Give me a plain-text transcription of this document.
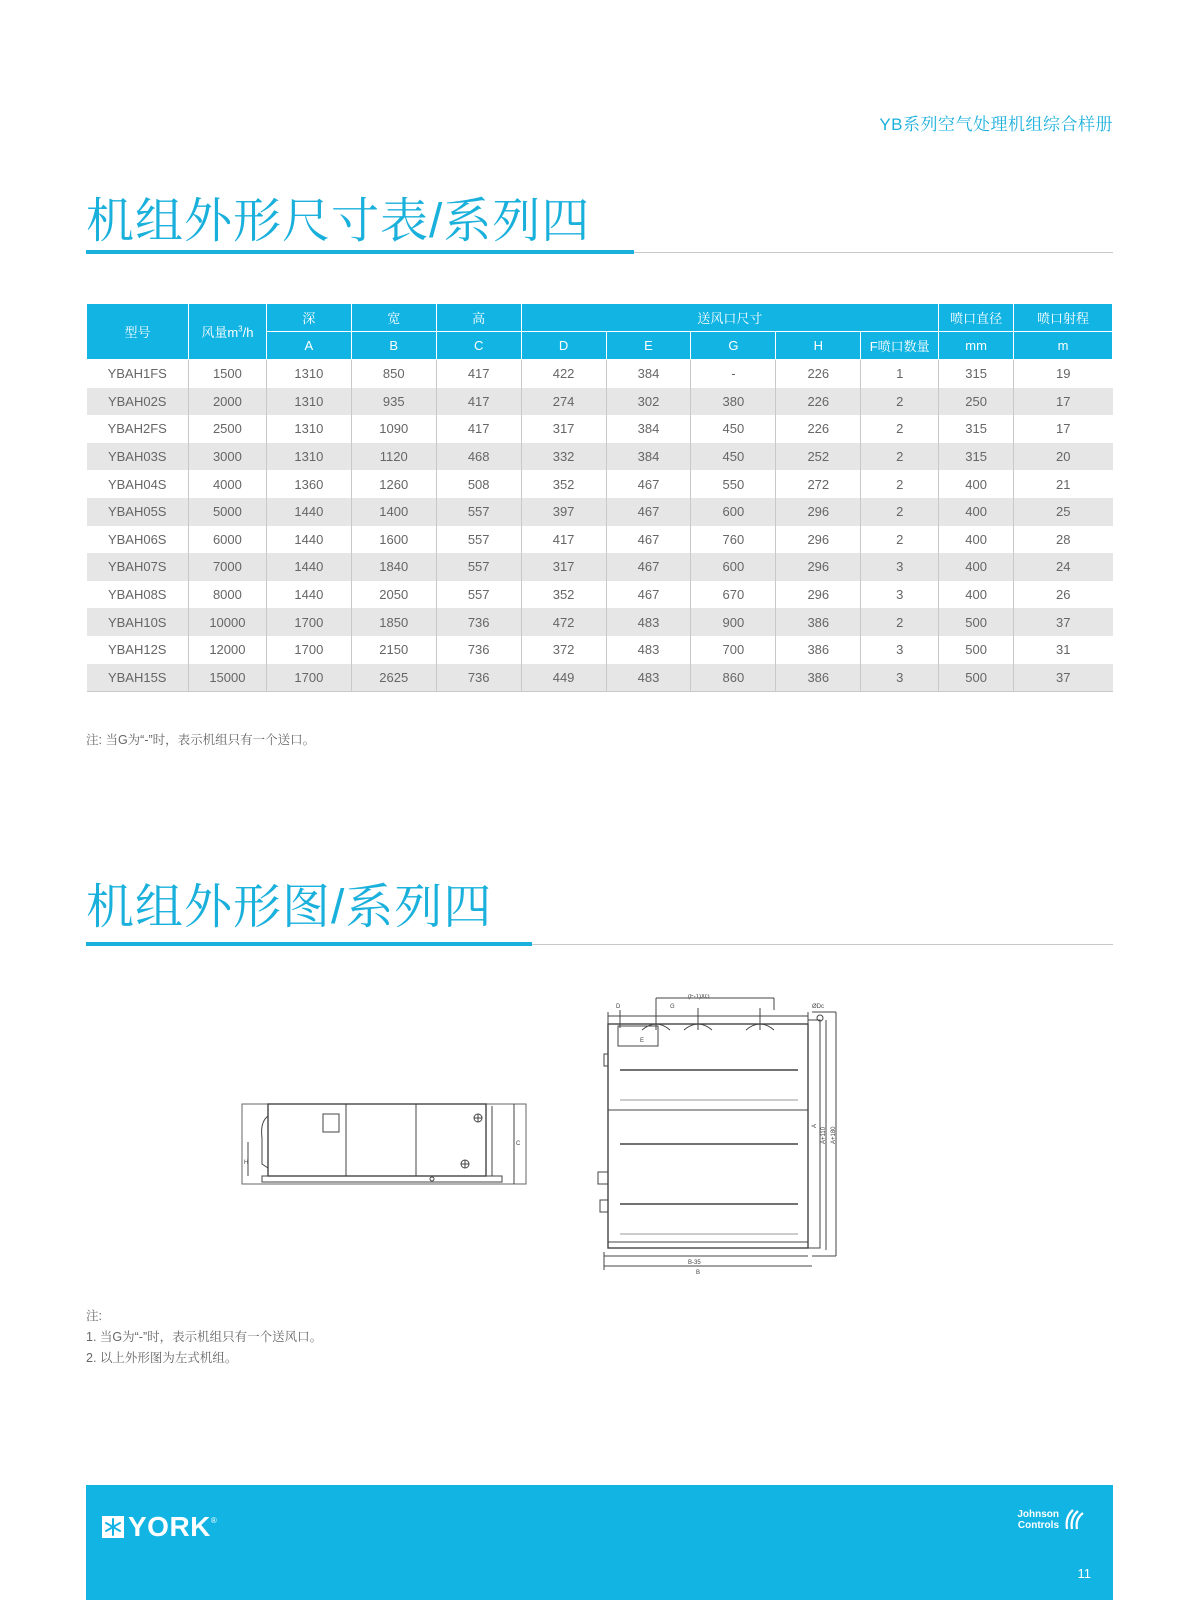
YB系列空气处理机组综合样册
机组外形尺寸表/系列四
型号	风量$m^3/h$	深	宽	高	送风口尺寸					喷口直径	喷口射程
		A	B	C	D	E	G	H	F喷口数量	mm	m
YBAH1FS	1500	1310	850	417	422	384	-	226	1	315	19
YBAH02S	2000	1310	935	417	274	302	380	226	2	250	17
YBAH2FS	2500	1310	1090	417	317	384	450	226	2	315	17
YBAH03S	3000	1310	1120	468	332	384	450	252	2	315	20
YBAH04S	4000	1360	1260	508	352	467	550	272	2	400	21
YBAH05S	5000	1440	1400	557	397	467	600	296	2	400	25
YBAH06S	6000	1440	1600	557	417	467	760	296	2	400	28
YBAH07S	7000	1440	1840	557	317	467	600	296	3	400	24
YBAH08S	8000	1440	2050	557	352	467	670	296	3	400	26
YBAH10S	10000	1700	1850	736	472	483	900	386	2	500	37
YBAH12S	12000	1700	2150	736	372	483	700	386	3	500	31
YBAH15S	15000	1700	2625	736	449	483	860	386	3	500	37
注: 当G为“-”时，表示机组只有一个送口。
机组外形图/系列四
H
C
D	G
(F-1)XG
ØDc
E
B-35
B
A
A+110 A+180
注:
1. 当G为“-”时，表示机组只有一个送风口。
2. 以上外形图为左式机组。
YORK®	Johnson
Controls
11
